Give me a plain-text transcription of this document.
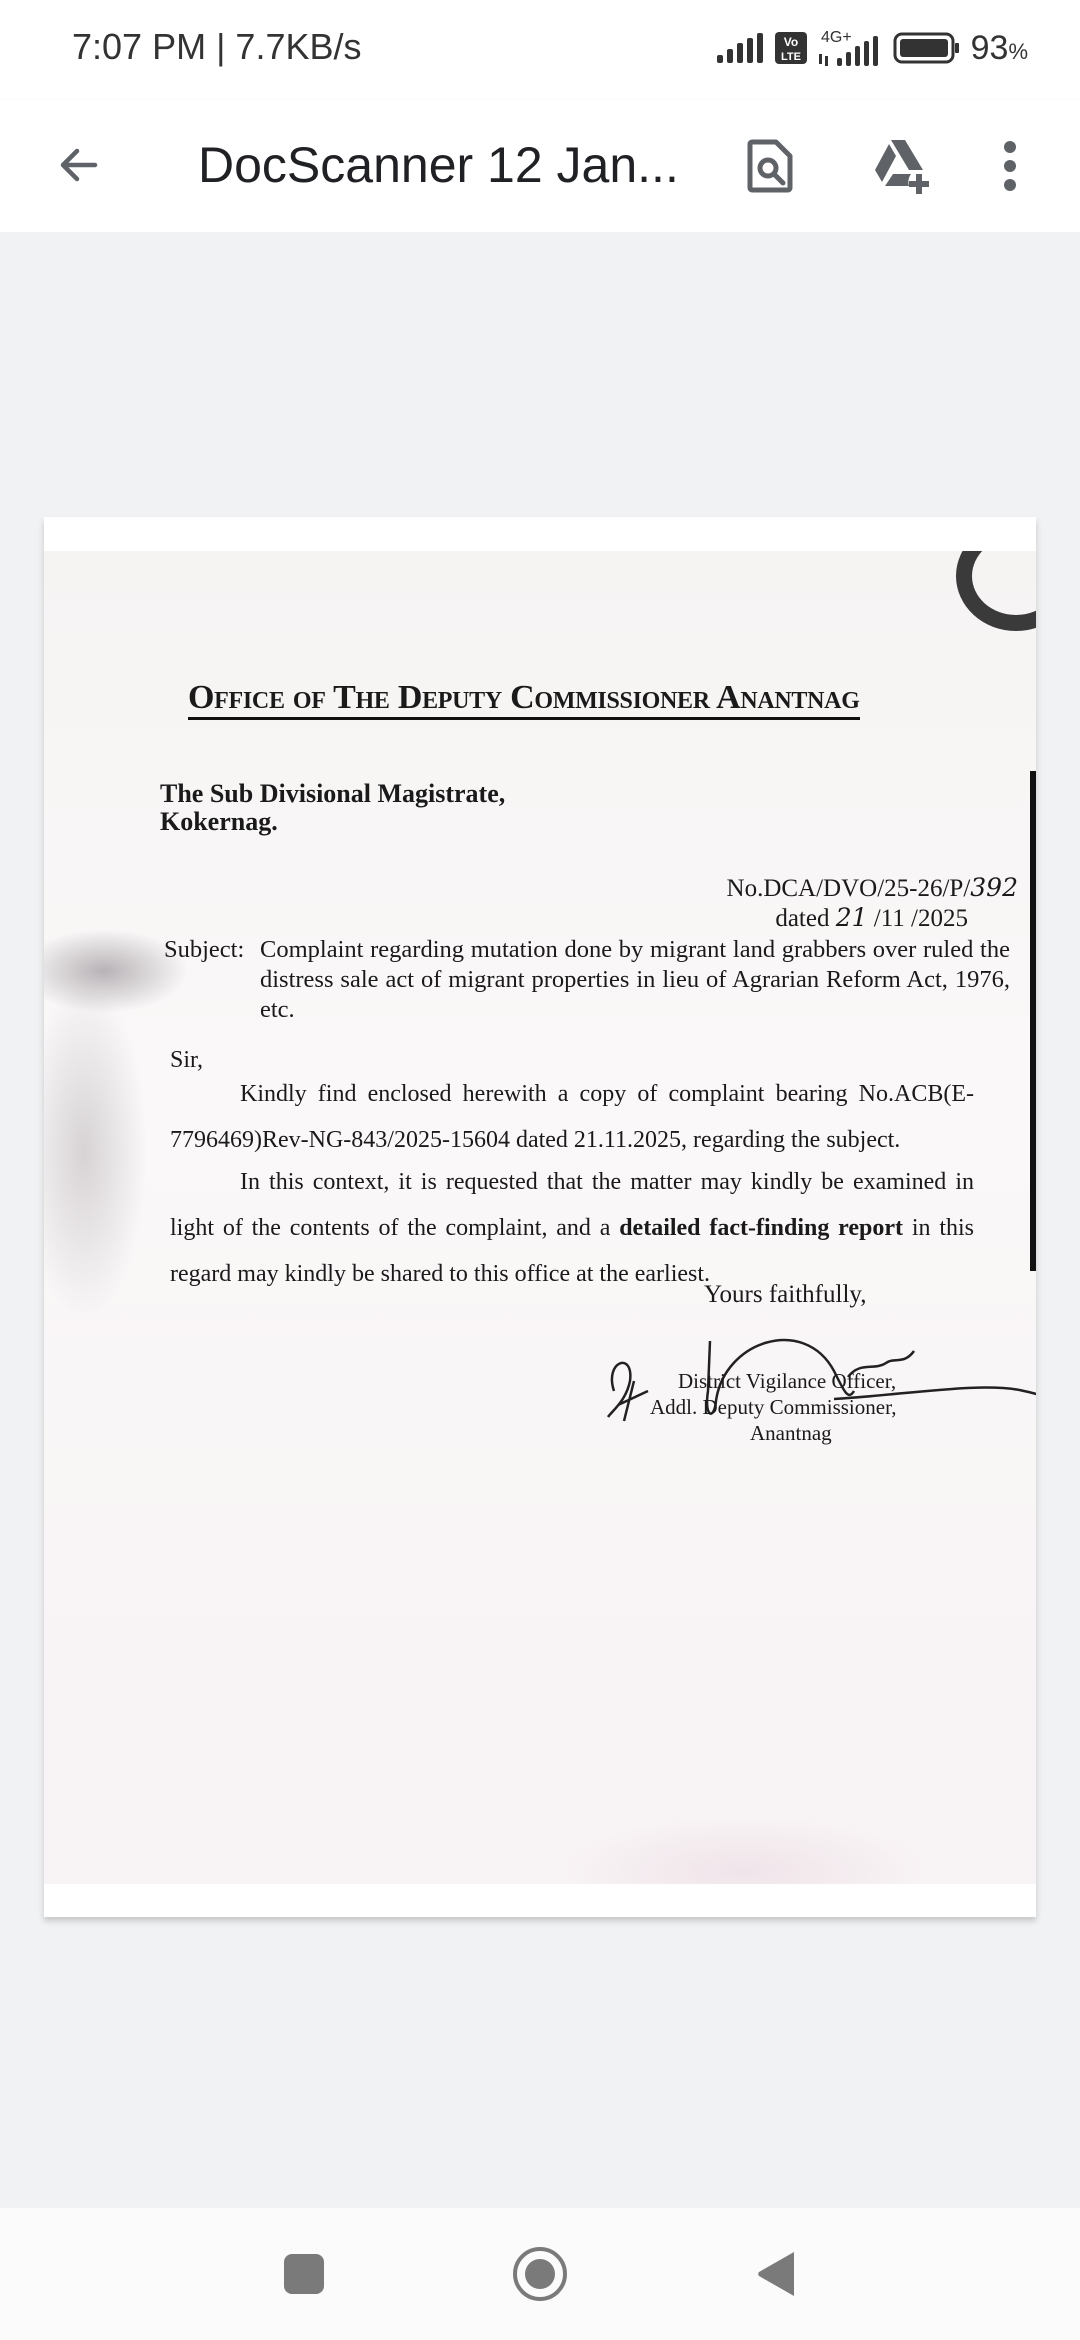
7:07 PM | 7.7KB/s	Vo
LTE
4G+	93%
DocScanner 12 Jan...
Office of The Deputy Commissioner Anantnag
The Sub Divisional Magistrate,
Kokernag.
No.DCA/DVO/25-26/P/392
dated 21 /11 /2025
Subject: Complaint regarding mutation done by migrant land grabbers over ruled the distress sale act of migrant properties in lieu of Agrarian Reform Act, 1976, etc.
Sir,
Kindly find enclosed herewith a copy of complaint bearing No.ACB(E-7796469)Rev-NG-843/2025-15604 dated 21.11.2025, regarding the subject.
In this context, it is requested that the matter may kindly be examined in light of the contents of the complaint, and a detailed fact-finding report in this regard may kindly be shared to this office at the earliest.
Yours faithfully,
District Vigilance Officer,
Addl. Deputy Commissioner,
Anantnag
